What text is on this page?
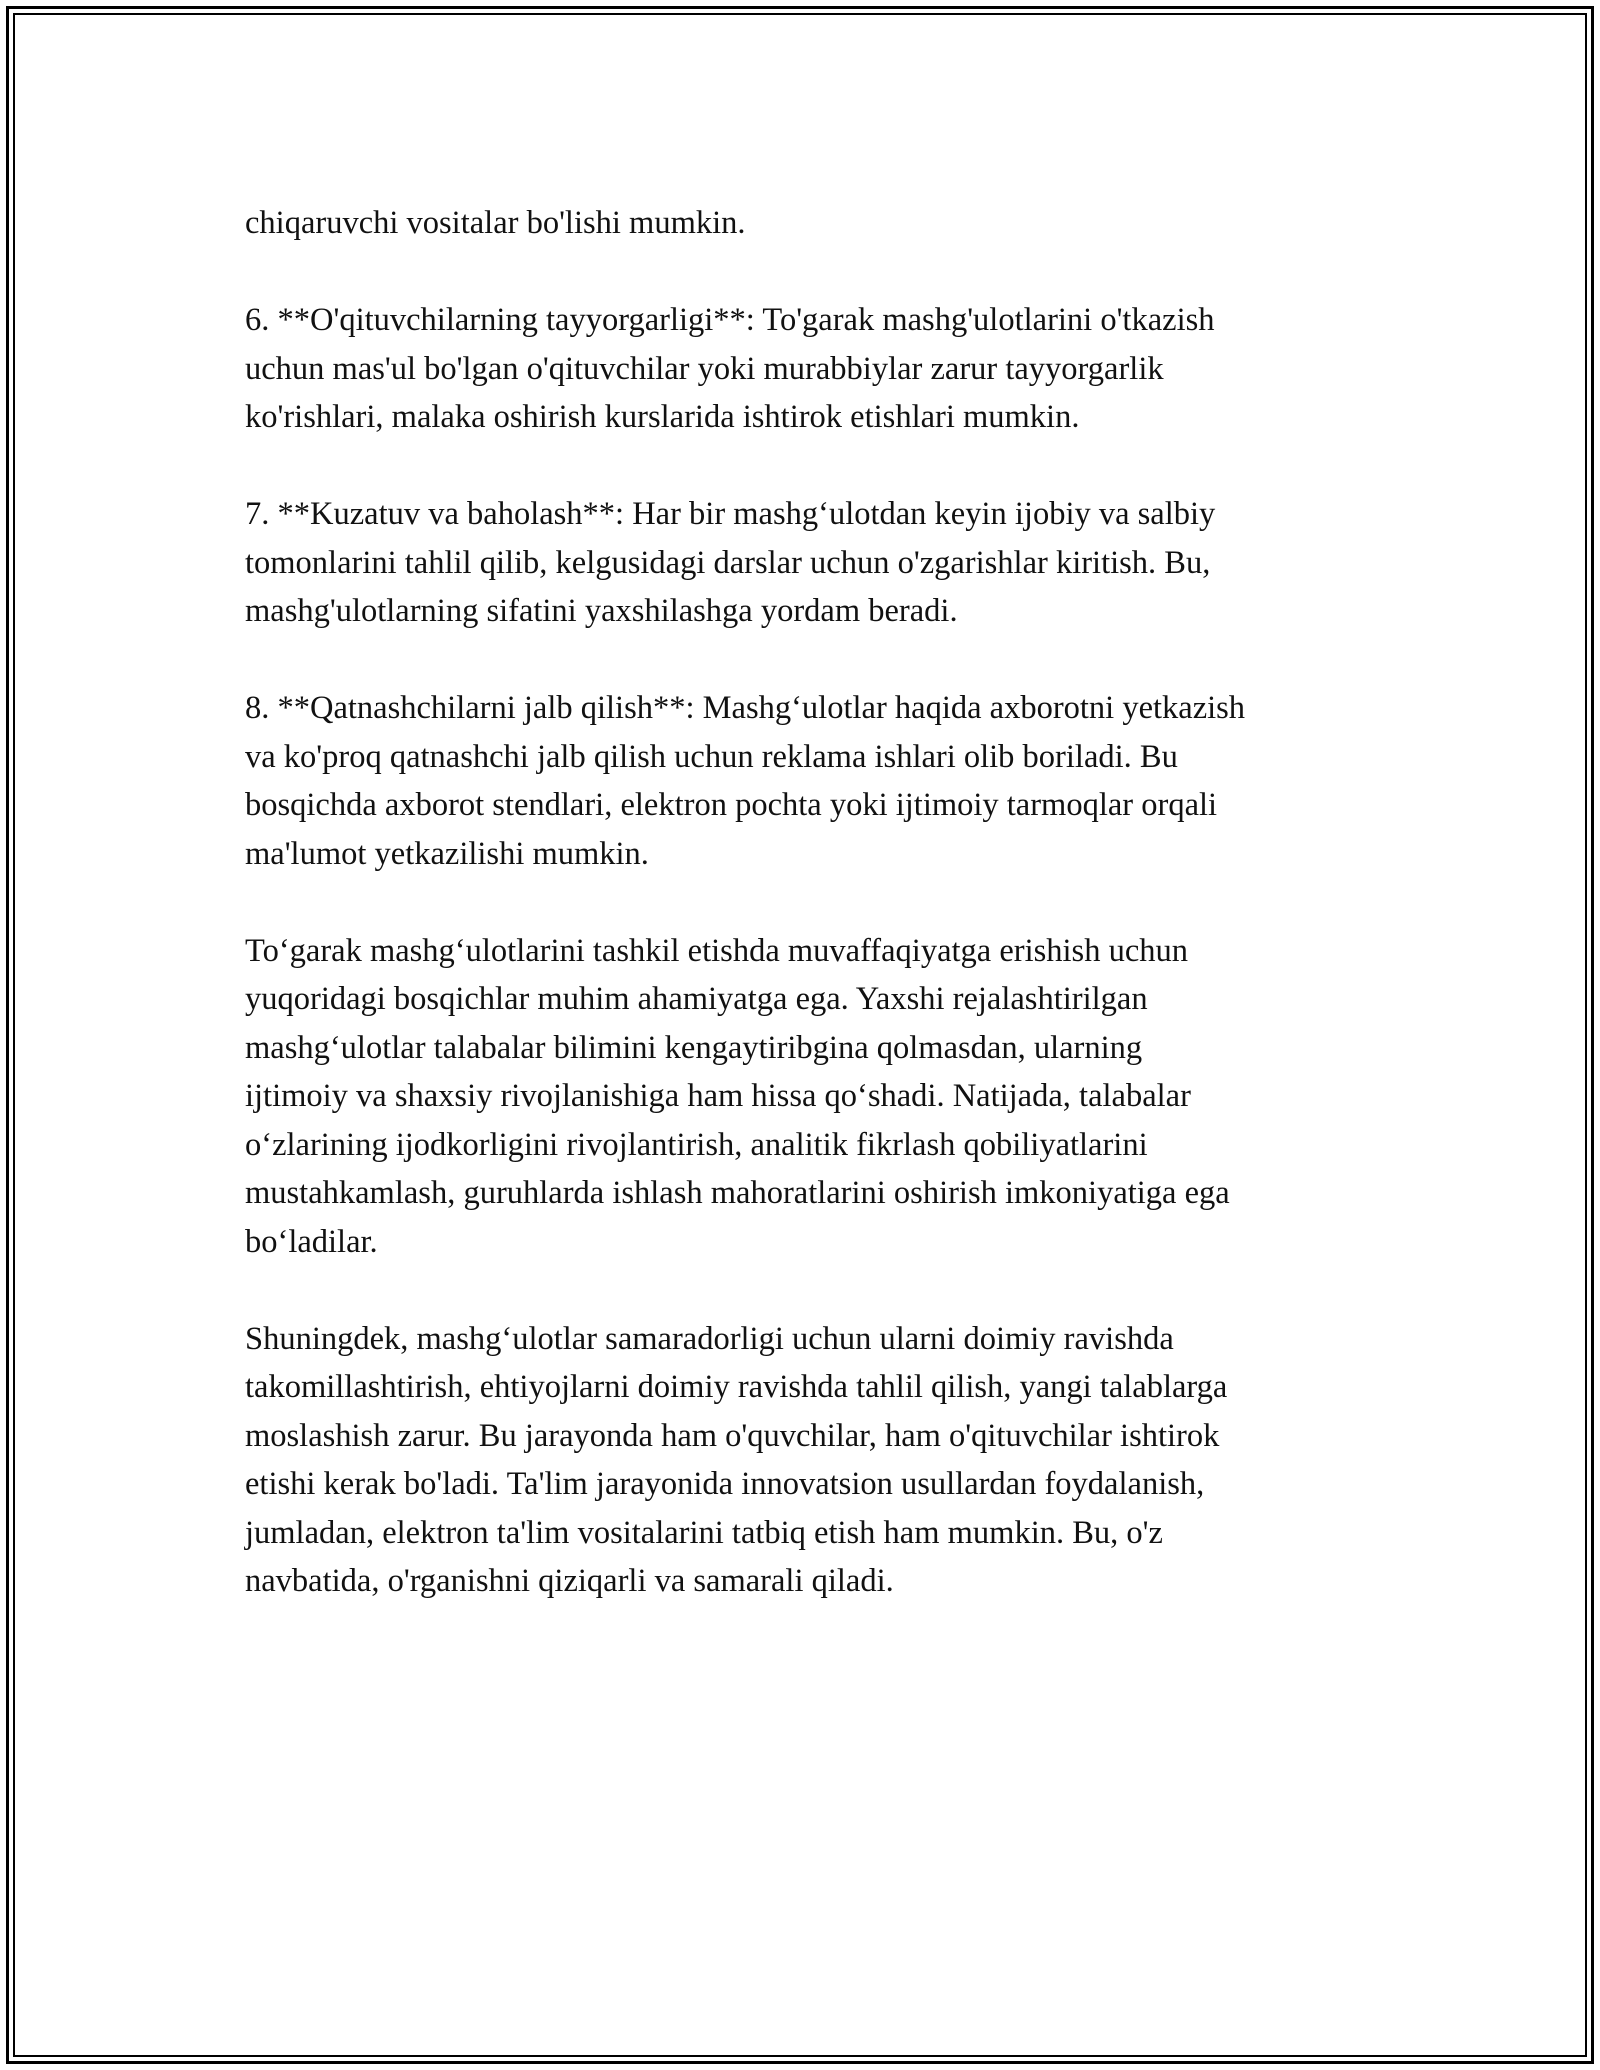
chiqaruvchi vositalar bo'lishi mumkin.

6. **O'qituvchilarning tayyorgarligi**: To'garak mashg'ulotlarini o'tkazish
uchun mas'ul bo'lgan o'qituvchilar yoki murabbiylar zarur tayyorgarlik
ko'rishlari, malaka oshirish kurslarida ishtirok etishlari mumkin.

7. **Kuzatuv va baholash**: Har bir mashg‘ulotdan keyin ijobiy va salbiy
tomonlarini tahlil qilib, kelgusidagi darslar uchun o'zgarishlar kiritish. Bu,
mashg'ulotlarning sifatini yaxshilashga yordam beradi.

8. **Qatnashchilarni jalb qilish**: Mashg‘ulotlar haqida axborotni yetkazish
va ko'proq qatnashchi jalb qilish uchun reklama ishlari olib boriladi. Bu
bosqichda axborot stendlari, elektron pochta yoki ijtimoiy tarmoqlar orqali
ma'lumot yetkazilishi mumkin.

To‘garak mashg‘ulotlarini tashkil etishda muvaffaqiyatga erishish uchun
yuqoridagi bosqichlar muhim ahamiyatga ega. Yaxshi rejalashtirilgan
mashg‘ulotlar talabalar bilimini kengaytiribgina qolmasdan, ularning
ijtimoiy va shaxsiy rivojlanishiga ham hissa qo‘shadi. Natijada, talabalar
o‘zlarining ijodkorligini rivojlantirish, analitik fikrlash qobiliyatlarini
mustahkamlash, guruhlarda ishlash mahoratlarini oshirish imkoniyatiga ega
bo‘ladilar.

Shuningdek, mashg‘ulotlar samaradorligi uchun ularni doimiy ravishda
takomillashtirish, ehtiyojlarni doimiy ravishda tahlil qilish, yangi talablarga
moslashish zarur. Bu jarayonda ham o'quvchilar, ham o'qituvchilar ishtirok
etishi kerak bo'ladi. Ta'lim jarayonida innovatsion usullardan foydalanish,
jumladan, elektron ta'lim vositalarini tatbiq etish ham mumkin. Bu, o'z
navbatida, o'rganishni qiziqarli va samarali qiladi.
